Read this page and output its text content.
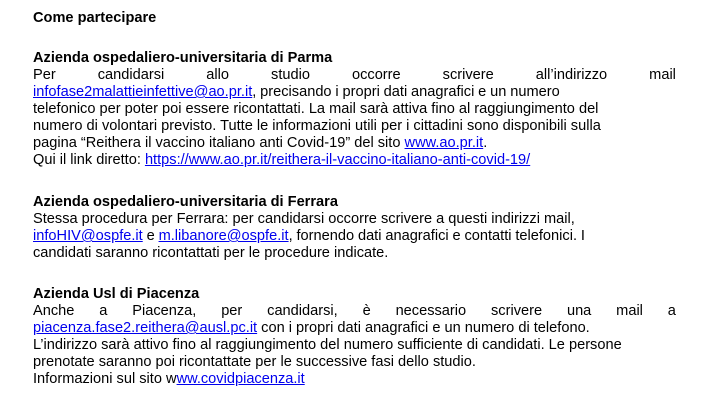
Come partecipare
Azienda ospedaliero-universitaria di Parma
Per	candidarsi	allo	studio	occorre	scrivere	all’indirizzo	mail
infofase2malattieinfettive@ao.pr.it, precisando i propri dati anagrafici e un numero
telefonico per poter poi essere ricontattati. La mail sarà attiva fino al raggiungimento del
numero di volontari previsto. Tutte le informazioni utili per i cittadini sono disponibili sulla
pagina “Reithera il vaccino italiano anti Covid-19” del sito www.ao.pr.it.
Qui il link diretto: https://www.ao.pr.it/reithera-il-vaccino-italiano-anti-covid-19/
Azienda ospedaliero-universitaria di Ferrara
Stessa procedura per Ferrara: per candidarsi occorre scrivere a questi indirizzi mail,
infoHIV@ospfe.it e m.libanore@ospfe.it, fornendo dati anagrafici e contatti telefonici. I
candidati saranno ricontattati per le procedure indicate.
Azienda Usl di Piacenza
Anche a Piacenza, per candidarsi, è necessario scrivere una mail a
piacenza.fase2.reithera@ausl.pc.it con i propri dati anagrafici e un numero di telefono.
L’indirizzo sarà attivo fino al raggiungimento del numero sufficiente di candidati. Le persone
prenotate saranno poi ricontattate per le successive fasi dello studio.
Informazioni sul sito www.covidpiacenza.it
